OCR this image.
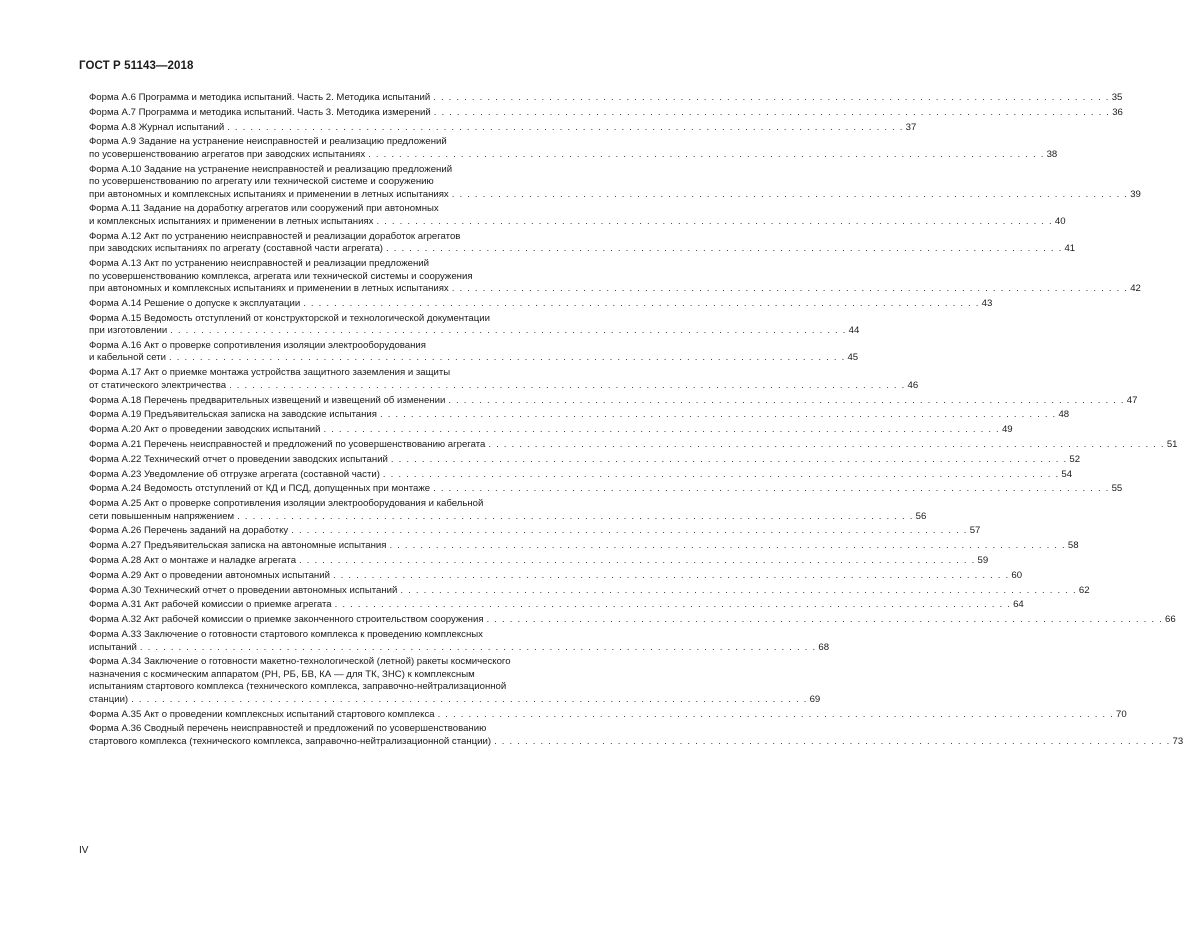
ГОСТ Р 51143—2018
Форма А.6 Программа и методика испытаний. Часть 2. Методика испытаний . . . . . . . . . . . . . . . . . . . . . . . . . . . . . . . . . . . . . . . . . . . . . . . . . . . . . . . . . . . . . . . . . . . . . . . . . . . . . . . . . . . . . . . . 35
Форма А.7 Программа и методика испытаний. Часть 3. Методика измерений . . . . . . . . . . . . . . . . . . . . . . . . . . . . . . . . . . . . . . . . . . . . . . . . . . . . . . . . . . . . . . . . . . . . . . . . . . . . . . . . . . . . . . . . 36
Форма А.8 Журнал испытаний . . . . . . . . . . . . . . . . . . . . . . . . . . . . . . . . . . . . . . . . . . . . . . . . . . . . . . . . . . . . . . . . . . . . . . . . . . . . . . . . . . . . . . . . 37
Форма А.9 Задание на устранение неисправностей и реализацию предложений
по усовершенствованию агрегатов при заводских испытаниях . . . . . . . . . . . . . . . . . . . . . . . . . . . . . . . . . . . . . . . . . . . . . . . . . . . . . . . . . . . . . . . . . . . . . . . . . . . . . . . . . . . . . . . . 38
Форма А.10 Задание на устранение неисправностей и реализацию предложений
по усовершенствованию по агрегату или технической системе и сооружению
при автономных и комплексных испытаниях и применении в летных испытаниях . . . . . . . . . . . . . . . . . . . . . . . . . . . . . . . . . . . . . . . . . . . . . . . . . . . . . . . . . . . . . . . . . . . . . . . . . . . . . . . . . . . . . . . . 39
Форма А.11 Задание на доработку агрегатов или сооружений при автономных
и комплексных испытаниях и применении в летных испытаниях . . . . . . . . . . . . . . . . . . . . . . . . . . . . . . . . . . . . . . . . . . . . . . . . . . . . . . . . . . . . . . . . . . . . . . . . . . . . . . . . . . . . . . . . 40
Форма А.12 Акт по устранению неисправностей и реализации доработок агрегатов
при заводских испытаниях по агрегату (составной части агрегата) . . . . . . . . . . . . . . . . . . . . . . . . . . . . . . . . . . . . . . . . . . . . . . . . . . . . . . . . . . . . . . . . . . . . . . . . . . . . . . . . . . . . . . . . 41
Форма А.13 Акт по устранению неисправностей и реализации предложений
по усовершенствованию комплекса, агрегата или технической системы и сооружения
при автономных и комплексных испытаниях и применении в летных испытаниях . . . . . . . . . . . . . . . . . . . . . . . . . . . . . . . . . . . . . . . . . . . . . . . . . . . . . . . . . . . . . . . . . . . . . . . . . . . . . . . . . . . . . . . . 42
Форма А.14 Решение о допуске к эксплуатации . . . . . . . . . . . . . . . . . . . . . . . . . . . . . . . . . . . . . . . . . . . . . . . . . . . . . . . . . . . . . . . . . . . . . . . . . . . . . . . . . . . . . . . . 43
Форма А.15 Ведомость отступлений от конструкторской и технологической документации
при изготовлении . . . . . . . . . . . . . . . . . . . . . . . . . . . . . . . . . . . . . . . . . . . . . . . . . . . . . . . . . . . . . . . . . . . . . . . . . . . . . . . . . . . . . . . . 44
Форма А.16 Акт о проверке сопротивления изоляции электрооборудования
и кабельной сети . . . . . . . . . . . . . . . . . . . . . . . . . . . . . . . . . . . . . . . . . . . . . . . . . . . . . . . . . . . . . . . . . . . . . . . . . . . . . . . . . . . . . . . . 45
Форма А.17 Акт о приемке монтажа устройства защитного заземления и защиты
от статического электричества . . . . . . . . . . . . . . . . . . . . . . . . . . . . . . . . . . . . . . . . . . . . . . . . . . . . . . . . . . . . . . . . . . . . . . . . . . . . . . . . . . . . . . . . 46
Форма А.18 Перечень предварительных извещений и извещений об изменении . . . . . . . . . . . . . . . . . . . . . . . . . . . . . . . . . . . . . . . . . . . . . . . . . . . . . . . . . . . . . . . . . . . . . . . . . . . . . . . . . . . . . . . . 47
Форма А.19 Предъявительская записка на заводские испытания . . . . . . . . . . . . . . . . . . . . . . . . . . . . . . . . . . . . . . . . . . . . . . . . . . . . . . . . . . . . . . . . . . . . . . . . . . . . . . . . . . . . . . . . 48
Форма А.20 Акт о проведении заводских испытаний . . . . . . . . . . . . . . . . . . . . . . . . . . . . . . . . . . . . . . . . . . . . . . . . . . . . . . . . . . . . . . . . . . . . . . . . . . . . . . . . . . . . . . . . 49
Форма А.21 Перечень неисправностей и предложений по усовершенствованию агрегата . . . . . . . . . . . . . . . . . . . . . . . . . . . . . . . . . . . . . . . . . . . . . . . . . . . . . . . . . . . . . . . . . . . . . . . . . . . . . . . . . . . . . . . . 51
Форма А.22 Технический отчет о проведении заводских испытаний . . . . . . . . . . . . . . . . . . . . . . . . . . . . . . . . . . . . . . . . . . . . . . . . . . . . . . . . . . . . . . . . . . . . . . . . . . . . . . . . . . . . . . . . 52
Форма А.23 Уведомление об отгрузке агрегата (составной части) . . . . . . . . . . . . . . . . . . . . . . . . . . . . . . . . . . . . . . . . . . . . . . . . . . . . . . . . . . . . . . . . . . . . . . . . . . . . . . . . . . . . . . . . 54
Форма А.24 Ведомость отступлений от КД и ПСД, допущенных при монтаже . . . . . . . . . . . . . . . . . . . . . . . . . . . . . . . . . . . . . . . . . . . . . . . . . . . . . . . . . . . . . . . . . . . . . . . . . . . . . . . . . . . . . . . . 55
Форма А.25 Акт о проверке сопротивления изоляции электрооборудования и кабельной
сети повышенным напряжением . . . . . . . . . . . . . . . . . . . . . . . . . . . . . . . . . . . . . . . . . . . . . . . . . . . . . . . . . . . . . . . . . . . . . . . . . . . . . . . . . . . . . . . . 56
Форма А.26 Перечень заданий на доработку . . . . . . . . . . . . . . . . . . . . . . . . . . . . . . . . . . . . . . . . . . . . . . . . . . . . . . . . . . . . . . . . . . . . . . . . . . . . . . . . . . . . . . . . 57
Форма А.27 Предъявительская записка на автономные испытания . . . . . . . . . . . . . . . . . . . . . . . . . . . . . . . . . . . . . . . . . . . . . . . . . . . . . . . . . . . . . . . . . . . . . . . . . . . . . . . . . . . . . . . . 58
Форма А.28 Акт о монтаже и наладке агрегата . . . . . . . . . . . . . . . . . . . . . . . . . . . . . . . . . . . . . . . . . . . . . . . . . . . . . . . . . . . . . . . . . . . . . . . . . . . . . . . . . . . . . . . . 59
Форма А.29 Акт о проведении автономных испытаний . . . . . . . . . . . . . . . . . . . . . . . . . . . . . . . . . . . . . . . . . . . . . . . . . . . . . . . . . . . . . . . . . . . . . . . . . . . . . . . . . . . . . . . . 60
Форма А.30 Технический отчет о проведении автономных испытаний . . . . . . . . . . . . . . . . . . . . . . . . . . . . . . . . . . . . . . . . . . . . . . . . . . . . . . . . . . . . . . . . . . . . . . . . . . . . . . . . . . . . . . . . 62
Форма А.31 Акт рабочей комиссии о приемке агрегата . . . . . . . . . . . . . . . . . . . . . . . . . . . . . . . . . . . . . . . . . . . . . . . . . . . . . . . . . . . . . . . . . . . . . . . . . . . . . . . . . . . . . . . . 64
Форма А.32 Акт рабочей комиссии о приемке законченного строительством сооружения . . . . . . . . . . . . . . . . . . . . . . . . . . . . . . . . . . . . . . . . . . . . . . . . . . . . . . . . . . . . . . . . . . . . . . . . . . . . . . . . . . . . . . . . 66
Форма А.33 Заключение о готовности стартового комплекса к проведению комплексных
испытаний . . . . . . . . . . . . . . . . . . . . . . . . . . . . . . . . . . . . . . . . . . . . . . . . . . . . . . . . . . . . . . . . . . . . . . . . . . . . . . . . . . . . . . . . 68
Форма А.34 Заключение о готовности макетно-технологической (летной) ракеты космического
назначения с космическим аппаратом (РН, РБ, БВ, КА — для ТК, ЗНС) к комплексным
испытаниям стартового комплекса (технического комплекса, заправочно-нейтрализационной
станции) . . . . . . . . . . . . . . . . . . . . . . . . . . . . . . . . . . . . . . . . . . . . . . . . . . . . . . . . . . . . . . . . . . . . . . . . . . . . . . . . . . . . . . . . 69
Форма А.35 Акт о проведении комплексных испытаний стартового комплекса . . . . . . . . . . . . . . . . . . . . . . . . . . . . . . . . . . . . . . . . . . . . . . . . . . . . . . . . . . . . . . . . . . . . . . . . . . . . . . . . . . . . . . . . 70
Форма А.36 Сводный перечень неисправностей и предложений по усовершенствованию
стартового комплекса (технического комплекса, заправочно-нейтрализационной станции) . . . . . . . . . . . . . . . . . . . . . . . . . . . . . . . . . . . . . . . . . . . . . . . . . . . . . . . . . . . . . . . . . . . . . . . . . . . . . . . . . . . . . . . . 73
IV
